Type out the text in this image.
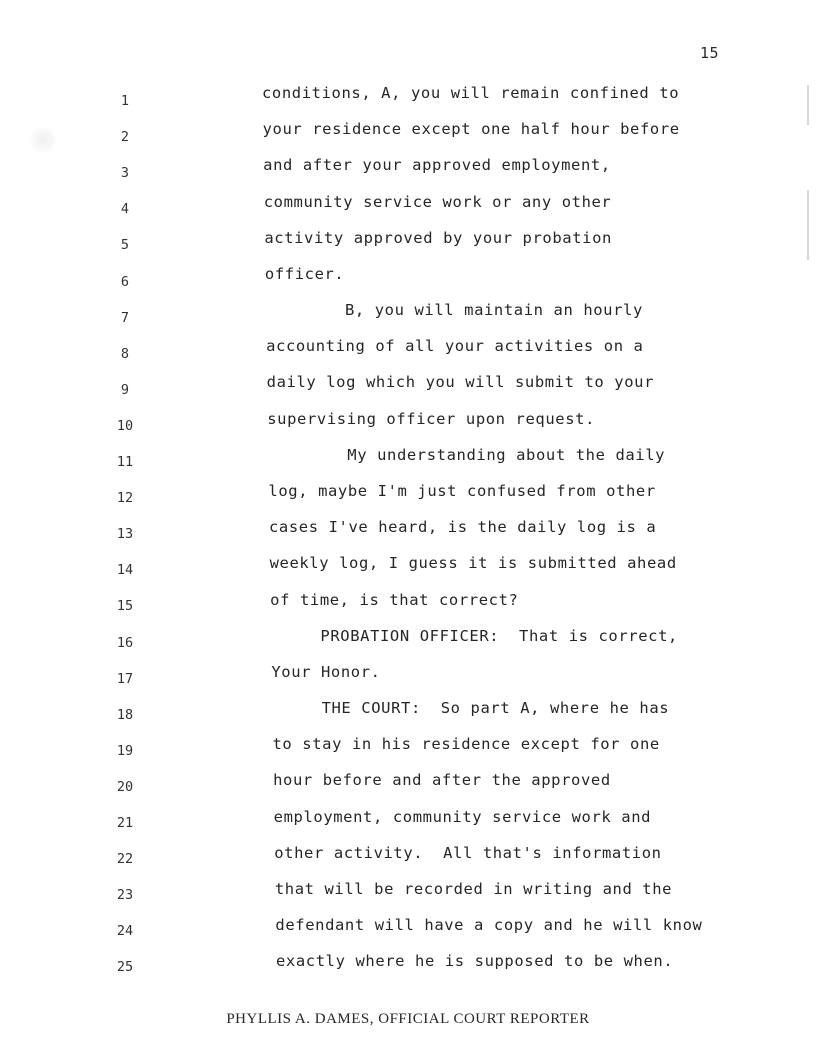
15
1	conditions, A, you will remain confined to
2	your residence except one half hour before
3	and after your approved employment,
4	community service work or any other
5	activity approved by your probation
6	officer.
7	B, you will maintain an hourly
8	accounting of all your activities on a
9	daily log which you will submit to your
10	supervising officer upon request.
11	My understanding about the daily
12	log, maybe I'm just confused from other
13	cases I've heard, is the daily log is a
14	weekly log, I guess it is submitted ahead
15	of time, is that correct?
16	PROBATION OFFICER:  That is correct,
17	Your Honor.
18	THE COURT:  So part A, where he has
19	to stay in his residence except for one
20	hour before and after the approved
21	employment, community service work and
22	other activity.  All that's information
23	that will be recorded in writing and the
24	defendant will have a copy and he will know
25	exactly where he is supposed to be when.
PHYLLIS A. DAMES, OFFICIAL COURT REPORTER
